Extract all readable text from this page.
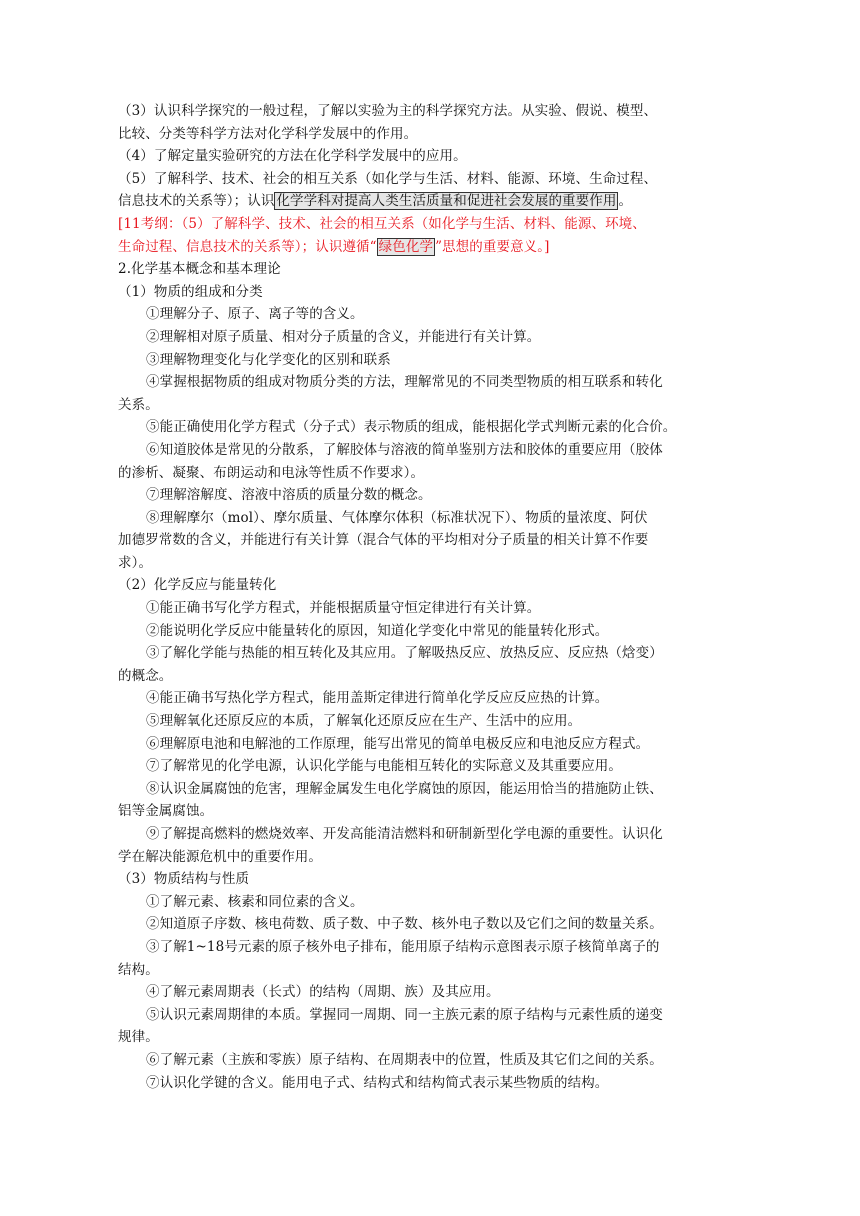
（3）认识科学探究的一般过程，了解以实验为主的科学探究方法。从实验、假说、模型、
比较、分类等科学方法对化学科学发展中的作用。
（4）了解定量实验研究的方法在化学科学发展中的应用。
（5）了解科学、技术、社会的相互关系（如化学与生活、材料、能源、环境、生命过程、
信息技术的关系等）；认识 化学学科对提高人类生活质量和促进社会发展的重要作用 。
[11考纲：（5）了解科学、技术、社会的相互关系（如化学与生活、材料、能源、环境、
生命过程、信息技术的关系等）；认识遵循“ 绿色化学 ”思想的重要意义。]
2.化学基本概念和基本理论
（1）物质的组成和分类
①理解分子、原子、离子等的含义。
②理解相对原子质量、相对分子质量的含义，并能进行有关计算。
③理解物理变化与化学变化的区别和联系
④掌握根据物质的组成对物质分类的方法，理解常见的不同类型物质的相互联系和转化
关系。
⑤能正确使用化学方程式（分子式）表示物质的组成，能根据化学式判断元素的化合价。
⑥知道胶体是常见的分散系，了解胶体与溶液的简单鉴别方法和胶体的重要应用（胶体
的渗析、凝聚、布朗运动和电泳等性质不作要求）。
⑦理解溶解度、溶液中溶质的质量分数的概念。
⑧理解摩尔（mol）、摩尔质量、气体摩尔体积（标准状况下）、物质的量浓度、阿伏
加德罗常数的含义，并能进行有关计算（混合气体的平均相对分子质量的相关计算不作要
求）。
（2）化学反应与能量转化
①能正确书写化学方程式，并能根据质量守恒定律进行有关计算。
②能说明化学反应中能量转化的原因，知道化学变化中常见的能量转化形式。
③了解化学能与热能的相互转化及其应用。了解吸热反应、放热反应、反应热（焓变）
的概念。
④能正确书写热化学方程式，能用盖斯定律进行简单化学反应反应热的计算。
⑤理解氧化还原反应的本质，了解氧化还原反应在生产、生活中的应用。
⑥理解原电池和电解池的工作原理，能写出常见的简单电极反应和电池反应方程式。
⑦了解常见的化学电源，认识化学能与电能相互转化的实际意义及其重要应用。
⑧认识金属腐蚀的危害，理解金属发生电化学腐蚀的原因，能运用恰当的措施防止铁、
铝等金属腐蚀。
⑨了解提高燃料的燃烧效率、开发高能清洁燃料和研制新型化学电源的重要性。认识化
学在解决能源危机中的重要作用。
（3）物质结构与性质
①了解元素、核素和同位素的含义。
②知道原子序数、核电荷数、质子数、中子数、核外电子数以及它们之间的数量关系。
③了解1~18号元素的原子核外电子排布，能用原子结构示意图表示原子核简单离子的
结构。
④了解元素周期表（长式）的结构（周期、族）及其应用。
⑤认识元素周期律的本质。掌握同一周期、同一主族元素的原子结构与元素性质的递变
规律。
⑥了解元素（主族和零族）原子结构、在周期表中的位置，性质及其它们之间的关系。
⑦认识化学键的含义。能用电子式、结构式和结构简式表示某些物质的结构。
